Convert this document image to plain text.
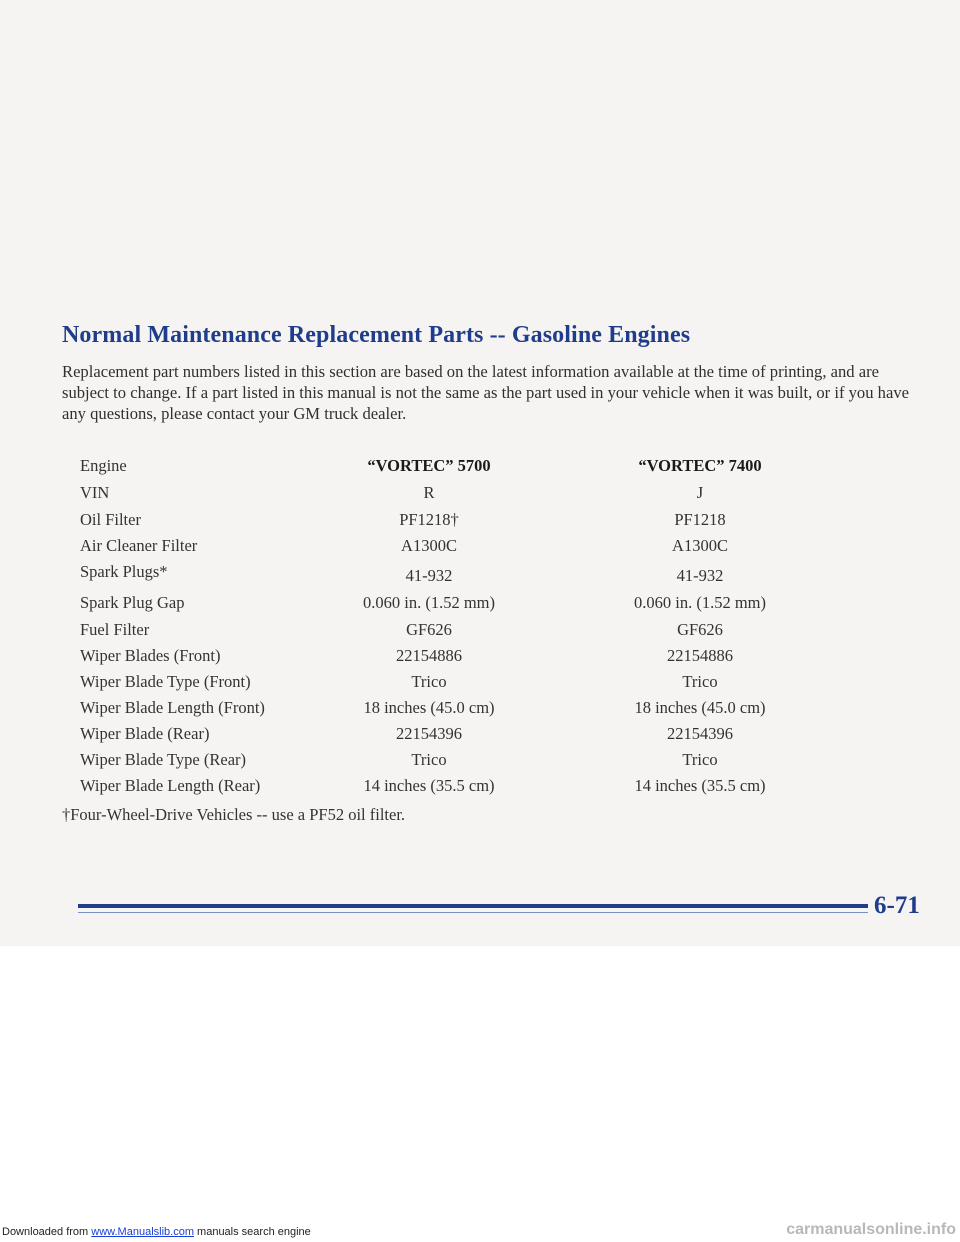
Normal Maintenance Replacement Parts -- Gasoline Engines

Replacement part numbers listed in this section are based on the latest information available at the time of printing, and are subject to change. If a part listed in this manual is not the same as the part used in your vehicle when it was built, or if you have any questions, please contact your GM truck dealer.

Engine	“VORTEC” 5700	“VORTEC” 7400
VIN	R	J
Oil Filter	PF1218†	PF1218
Air Cleaner Filter	A1300C	A1300C
Spark Plugs*	41-932	41-932
Spark Plug Gap	0.060 in. (1.52 mm)	0.060 in. (1.52 mm)
Fuel Filter	GF626	GF626
Wiper Blades (Front)	22154886	22154886
Wiper Blade Type (Front)	Trico	Trico
Wiper Blade Length (Front)	18 inches (45.0 cm)	18 inches (45.0 cm)
Wiper Blade (Rear)	22154396	22154396
Wiper Blade Type (Rear)	Trico	Trico
Wiper Blade Length (Rear)	14 inches (35.5 cm)	14 inches (35.5 cm)
†Four-Wheel-Drive Vehicles -- use a PF52 oil filter.
6-71
Downloaded from www.Manualslib.com manuals search engine	carmanualsonline.info
